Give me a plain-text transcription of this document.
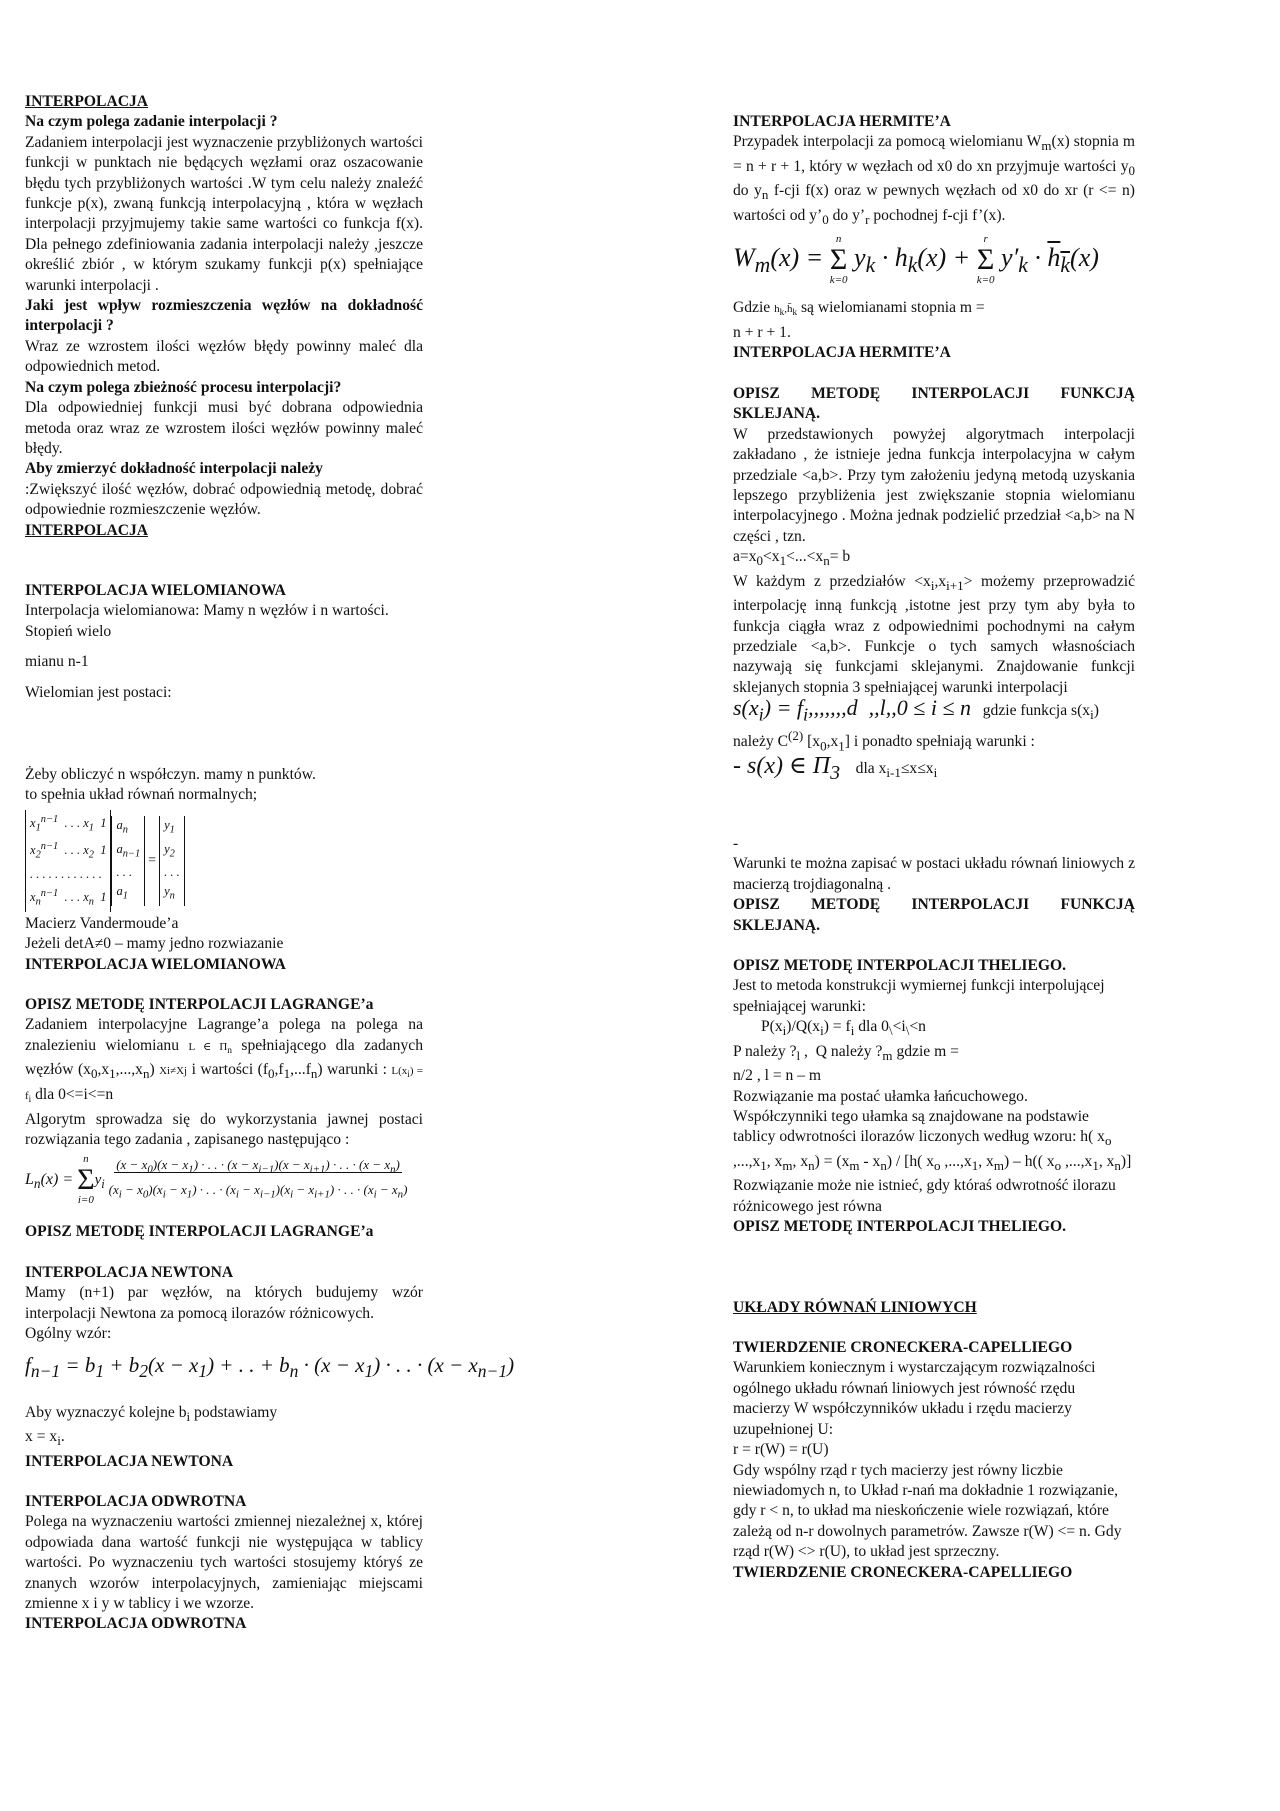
INTERPOLACJA
Na czym polega zadanie interpolacji ?
Zadaniem interpolacji jest wyznaczenie przybliżonych wartości funkcji w punktach nie będących węzłami oraz oszacowanie błędu tych przybliżonych wartości .W tym celu należy znaleźć funkcje p(x), zwaną funkcją interpolacyjną , która w węzłach interpolacji przyjmujemy takie same wartości co funkcja f(x). Dla pełnego zdefiniowania zadania interpolacji należy ,jeszcze określić zbiór , w którym szukamy funkcji p(x) spełniające warunki interpolacji .
Jaki jest wpływ rozmieszczenia węzłów na dokładność interpolacji ?
Wraz ze wzrostem ilości węzłów błędy powinny maleć dla odpowiednich metod.
Na czym polega zbieżność procesu interpolacji?
Dla odpowiedniej funkcji musi być dobrana odpowiednia metoda oraz wraz ze wzrostem ilości węzłów powinny maleć błędy.
Aby zmierzyć dokładność interpolacji należy
:Zwiększyć ilość węzłów, dobrać odpowiednią metodę, dobrać odpowiednie rozmieszczenie węzłów.
INTERPOLACJA
INTERPOLACJA WIELOMIANOWA
Interpolacja wielomianowa: Mamy n węzłów i n wartości. Stopień wielo
mianu n-1
Wielomian jest postaci:
Żeby obliczyć n współczyn. mamy n punktów.
to spełnia układ równań normalnych;
$x_1^{n-1}$  . . . $x_1$  1
$x_2^{n-1}$  . . . $x_2$  1
. . . . . . . . . . . .
$x_n^{n-1}$  . . . $x_n$  $1a_n$
$a_{n-1}$
. . .
$a_1=y_1$
$y_2$
. . .
$y_n$
Macierz Vandermoude’a
Jeżeli detA≠0 – mamy jedno rozwiazanie
INTERPOLACJA WIELOMIANOWA
OPISZ METODĘ INTERPOLACJI LAGRANGE’a
Zadaniem interpolacyjne Lagrange’a polega na polega na znalezieniu wielomianu L ∈ $\Pi_n$ spełniającego dla zadanych węzłów $(x_0,x_1,...,x_n)$ Xi≠Xj i wartości $(f_0,f_1,...f_n)$ warunki : $L(x_i) = f_i$ dla 0<=i<=n
Algorytm sprowadza się do wykorzystania jawnej postaci rozwiązania tego zadania , zapisanego następująco :
$L_n(x) = n$
Σ
$i=0y_i$ $(x - x_0)(x - x_1)$ · . . · $(x - x_{i-1})(x - x_{i+1})$ · . . · $(x - x_n)$
$(x_i - x_0)(x_i - x_1)$ · . . · $(x_i - x_{i-1})(x_i - x_{i+1})$ · . . · $(x_i - x_n)$
OPISZ METODĘ INTERPOLACJI LAGRANGE’a
INTERPOLACJA NEWTONA
Mamy (n+1) par węzłów, na których budujemy wzór interpolacji Newtona za pomocą ilorazów różnicowych.
Ogólny wzór:
$f_{n-1} = b_1 + b_2(x - x_1)$ + . . + $b_n \cdot (x - x_1)$ · . . · $(x - x_{n-1})$
Aby wyznaczyć kolejne $b_i$ podstawiamy
$x = x_i$.
INTERPOLACJA NEWTONA
INTERPOLACJA ODWROTNA
Polega na wyznaczeniu wartości zmiennej niezależnej x, której odpowiada dana wartość funkcji nie występująca w tablicy wartości. Po wyznaczeniu tych wartości stosujemy któryś ze znanych wzorów interpolacyjnych, zamieniając miejscami zmienne x i y w tablicy i we wzorze.
INTERPOLACJA ODWROTNA
INTERPOLACJA HERMITE’A
Przypadek interpolacji za pomocą wielomianu $W_m(x)$ stopnia m = n + r + 1, który w węzłach od x0 do xn przyjmuje wartości $y_0$ do $y_n$ f-cji f(x) oraz w pewnych węzłach od x0 do xr (r <= n) wartości od $y’_0$ do $y’_r$ pochodnej f-cji f’(x).
$W_m(x) = n$
Σ
k=0 $y_k \cdot h_k(x) + r$
Σ
k=0 $y'_k \cdot h_k(x)$
Gdzie $h_k,h̄_k$ są wielomianami stopnia m =
n + r + 1.
INTERPOLACJA HERMITE’A
OPISZ METODĘ INTERPOLACJI FUNKCJĄ SKLEJANĄ.
W przedstawionych powyżej algorytmach interpolacji zakładano , że istnieje jedna funkcja interpolacyjna w całym przedziale <a,b>. Przy tym założeniu jedyną metodą uzyskania lepszego przybliżenia jest zwiększanie stopnia wielomianu interpolacyjnego . Można jednak podzielić przedział <a,b> na N części , tzn.
$a=x_0<x_1<...<x_n= b$
W każdym z przedziałów $<x_i,x_{i+1}>$ możemy przeprowadzić interpolację inną funkcją ,istotne jest przy tym aby była to funkcja ciągła wraz z odpowiednimi pochodnymi na całym przedziale <a,b>. Funkcje o tych samych własnościach nazywają się funkcjami sklejanymi. Znajdowanie funkcji sklejanych stopnia 3 spełniającej warunki interpolacji
$s(x_i) = f_i,,,,,,,d$  ,,l,,0 ≤ i ≤ n gdzie funkcja $s(x_i)$
należy $C^{(2)}$ $[x_0,x_1]$ i ponadto spełniają warunki :
- s(x) ∈ $\Pi_3$ dla $x_{i-1}\le x\le x_i$
-
Warunki te można zapisać w postaci układu równań liniowych z macierzą trojdiagonalną .
OPISZ METODĘ INTERPOLACJI FUNKCJĄ SKLEJANĄ.
OPISZ METODĘ INTERPOLACJI THELIEGO.
Jest to metoda konstrukcji wymiernej funkcji interpolującej spełniającej warunki:
$P(x_i)/Q(x_i) = f_i$ dla $0_\backslash<i_\backslash<n$
P należy $?_l$ , Q należy $?_m$ gdzie m =
n/2 , l = n – m
Rozwiązanie ma postać ułamka łańcuchowego.
Współczynniki tego ułamka są znajdowane na podstawie tablicy odwrotności ilorazów liczonych według wzoru: h( $x_o$ $,...,x_1$, $x_m$, $x_n) = (x_m - x_n) / [h$( $x_o$ $,...,x_1$, $x_m) - h$(( $x_o$ $,...,x_1$, $x_n$)]
Rozwiązanie może nie istnieć, gdy któraś odwrotność ilorazu różnicowego jest równa
OPISZ METODĘ INTERPOLACJI THELIEGO.
UKŁADY RÓWNAŃ LINIOWYCH
TWIERDZENIE CRONECKERA-CAPELLIEGO
Warunkiem koniecznym i wystarczającym rozwiązalności ogólnego układu równań liniowych jest równość rzędu macierzy W współczynników układu i rzędu macierzy uzupełnionej U:
r = r(W) = r(U)
Gdy wspólny rząd r tych macierzy jest równy liczbie niewiadomych n, to Układ r-nań ma dokładnie 1 rozwiązanie, gdy r < n, to układ ma nieskończenie wiele rozwiązań, które zależą od n-r dowolnych parametrów. Zawsze r(W) <= n. Gdy rząd r(W) <> r(U), to układ jest sprzeczny.
TWIERDZENIE CRONECKERA-CAPELLIEGO
